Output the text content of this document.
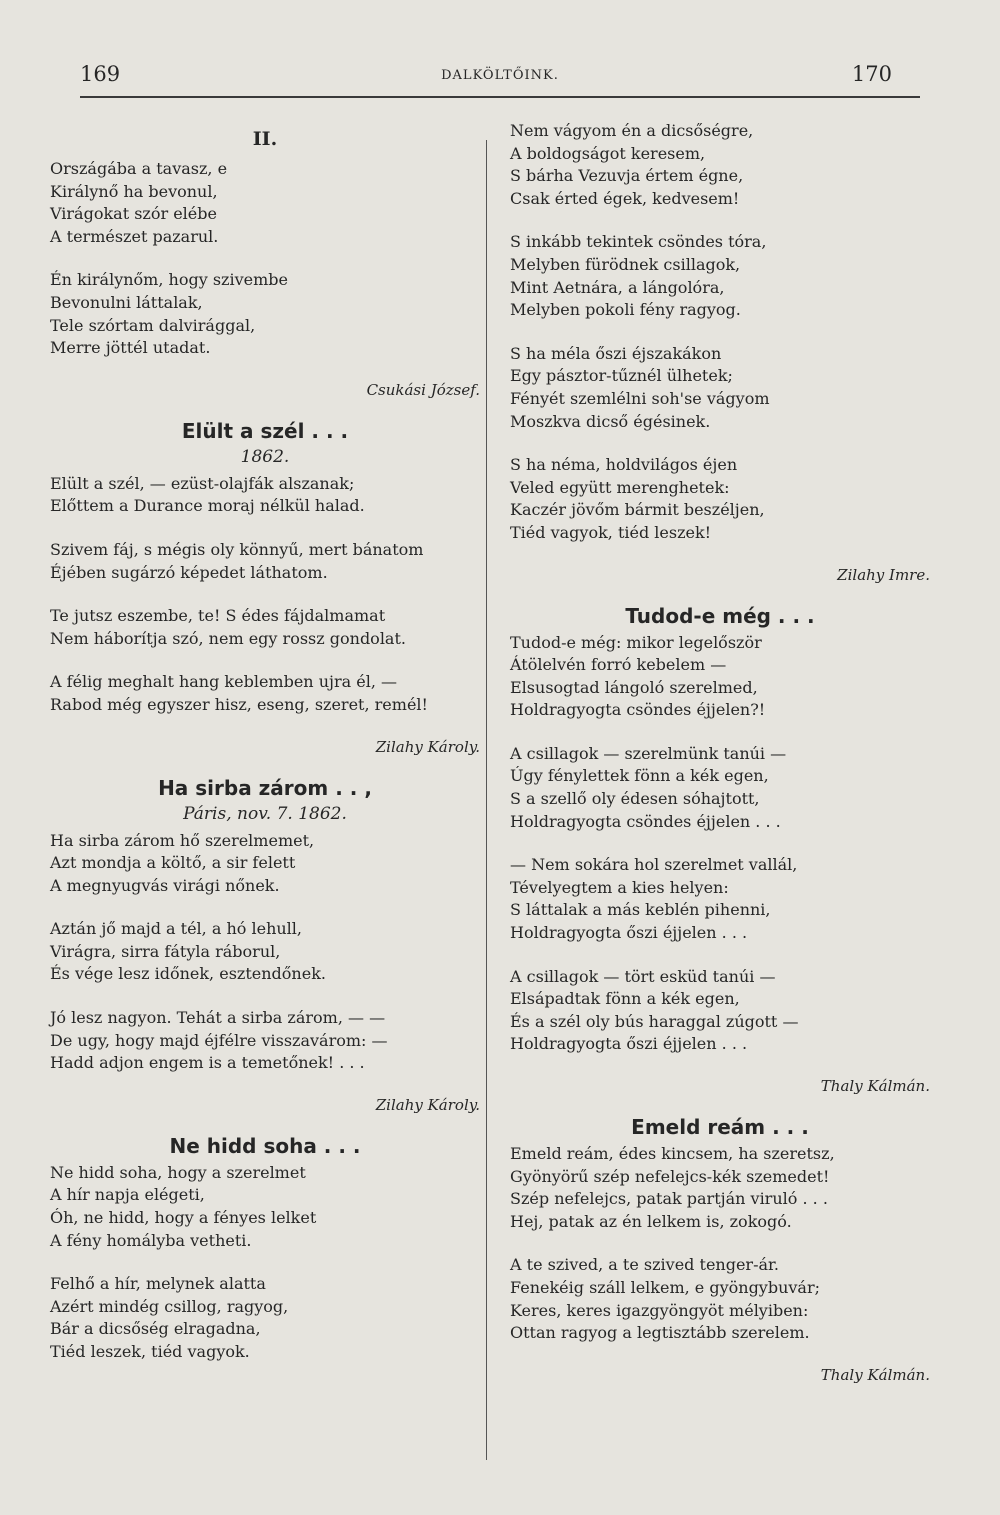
169	DALKÖLTŐINK.	170
II.
Országába a tavasz, e
Királynő ha bevonul,
Virágokat szór elébe
A természet pazarul.
Én királynőm, hogy szivembe
Bevonulni láttalak,
Tele szórtam dalvirággal,
Merre jöttél utadat.
Csukási József.
Elült a szél . . .
1862.
Elült a szél, — ezüst-olajfák alszanak;
Előttem a Durance moraj nélkül halad.
Szivem fáj, s mégis oly könnyű, mert bánatom
Éjében sugárzó képedet láthatom.
Te jutsz eszembe, te! S édes fájdalmamat
Nem háborítja szó, nem egy rossz gondolat.
A félig meghalt hang keblemben ujra él, —
Rabod még egyszer hisz, eseng, szeret, remél!
Zilahy Károly.
Ha sirba zárom . . ,
Páris, nov. 7. 1862.
Ha sirba zárom hő szerelmemet,
Azt mondja a költő, a sir felett
A megnyugvás virági nőnek.
Aztán jő majd a tél, a hó lehull,
Virágra, sirra fátyla ráborul,
És vége lesz időnek, esztendőnek.
Jó lesz nagyon. Tehát a sirba zárom, — —
De ugy, hogy majd éjfélre visszavárom: —
Hadd adjon engem is a temetőnek! . . .
Zilahy Károly.
Ne hidd soha . . .
Ne hidd soha, hogy a szerelmet
A hír napja elégeti,
Óh, ne hidd, hogy a fényes lelket
A fény homályba vetheti.
Felhő a hír, melynek alatta
Azért mindég csillog, ragyog,
Bár a dicsőség elragadna,
Tiéd leszek, tiéd vagyok.
Nem vágyom én a dicsőségre,
A boldogságot keresem,
S bárha Vezuvja értem égne,
Csak érted égek, kedvesem!
S inkább tekintek csöndes tóra,
Melyben fürödnek csillagok,
Mint Aetnára, a lángolóra,
Melyben pokoli fény ragyog.
S ha méla őszi éjszakákon
Egy pásztor-tűznél ülhetek;
Fényét szemlélni soh'se vágyom
Moszkva dicső égésinek.
S ha néma, holdvilágos éjen
Veled együtt merenghetek:
Kaczér jövőm bármit beszéljen,
Tiéd vagyok, tiéd leszek!
Zilahy Imre.
Tudod-e még . . .
Tudod-e még: mikor legelőször
Átölelvén forró kebelem —
Elsusogtad lángoló szerelmed,
Holdragyogta csöndes éjjelen?!
A csillagok — szerelmünk tanúi —
Úgy fénylettek fönn a kék egen,
S a szellő oly édesen sóhajtott,
Holdragyogta csöndes éjjelen . . .
— Nem sokára hol szerelmet vallál,
Tévelyegtem a kies helyen:
S láttalak a más keblén pihenni,
Holdragyogta őszi éjjelen . . .
A csillagok — tört esküd tanúi —
Elsápadtak fönn a kék egen,
És a szél oly bús haraggal zúgott —
Holdragyogta őszi éjjelen . . .
Thaly Kálmán.
Emeld reám . . .
Emeld reám, édes kincsem, ha szeretsz,
Gyönyörű szép nefelejcs-kék szemedet!
Szép nefelejcs, patak partján viruló . . .
Hej, patak az én lelkem is, zokogó.
A te szived, a te szived tenger-ár.
Fenekéig száll lelkem, e gyöngybuvár;
Keres, keres igazgyöngyöt mélyiben:
Ottan ragyog a legtisztább szerelem.
Thaly Kálmán.
